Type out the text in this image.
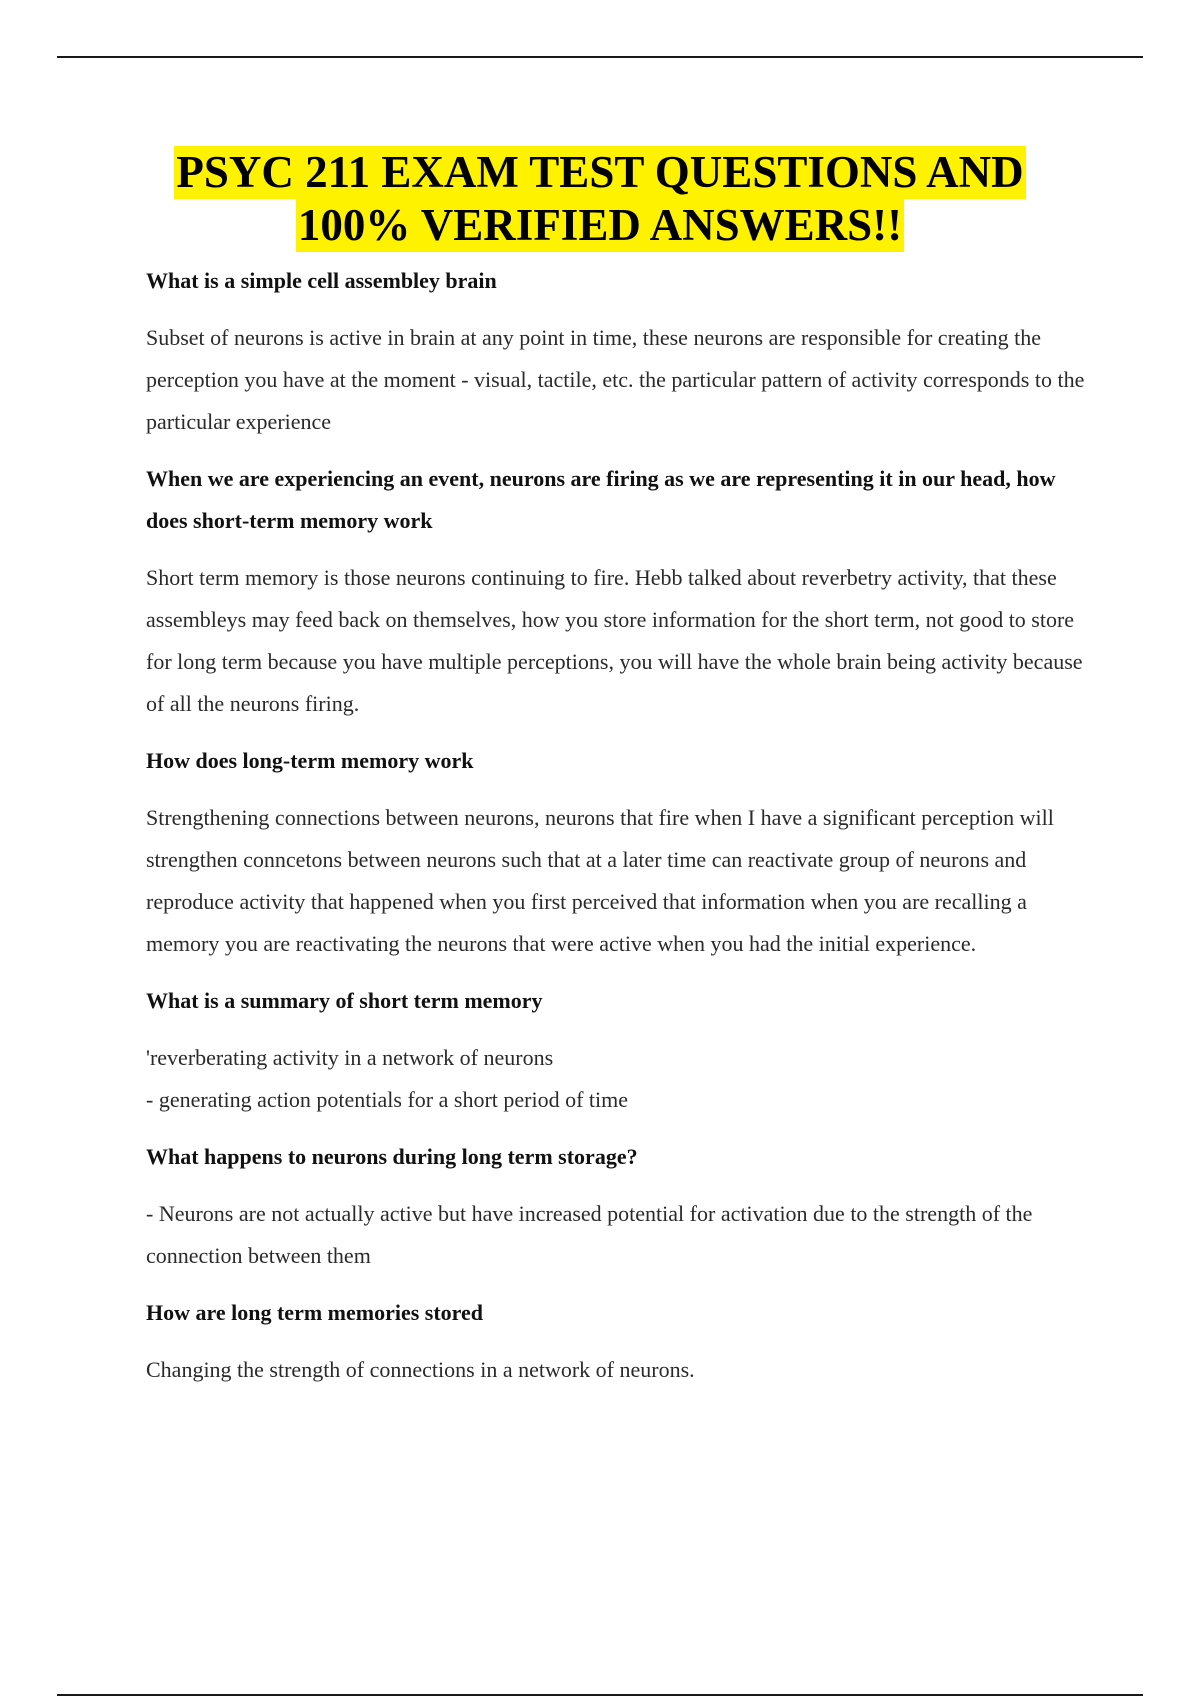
PSYC 211 EXAM TEST QUESTIONS AND
100% VERIFIED ANSWERS!!

What is a simple cell assembley brain

Subset of neurons is active in brain at any point in time, these neurons are responsible for creating the perception you have at the moment - visual, tactile, etc. the particular pattern of activity corresponds to the particular experience

When we are experiencing an event, neurons are firing as we are representing it in our head, how does short-term memory work

Short term memory is those neurons continuing to fire. Hebb talked about reverbetry activity, that these assembleys may feed back on themselves, how you store information for the short term, not good to store for long term because you have multiple perceptions, you will have the whole brain being activity because of all the neurons firing.

How does long-term memory work

Strengthening connections between neurons, neurons that fire when I have a significant perception will strengthen conncetons between neurons such that at a later time can reactivate group of neurons and reproduce activity that happened when you first perceived that information when you are recalling a memory you are reactivating the neurons that were active when you had the initial experience.

What is a summary of short term memory

'reverberating activity in a network of neurons
- generating action potentials for a short period of time

What happens to neurons during long term storage?

- Neurons are not actually active but have increased potential for activation due to the strength of the connection between them

How are long term memories stored

Changing the strength of connections in a network of neurons.
